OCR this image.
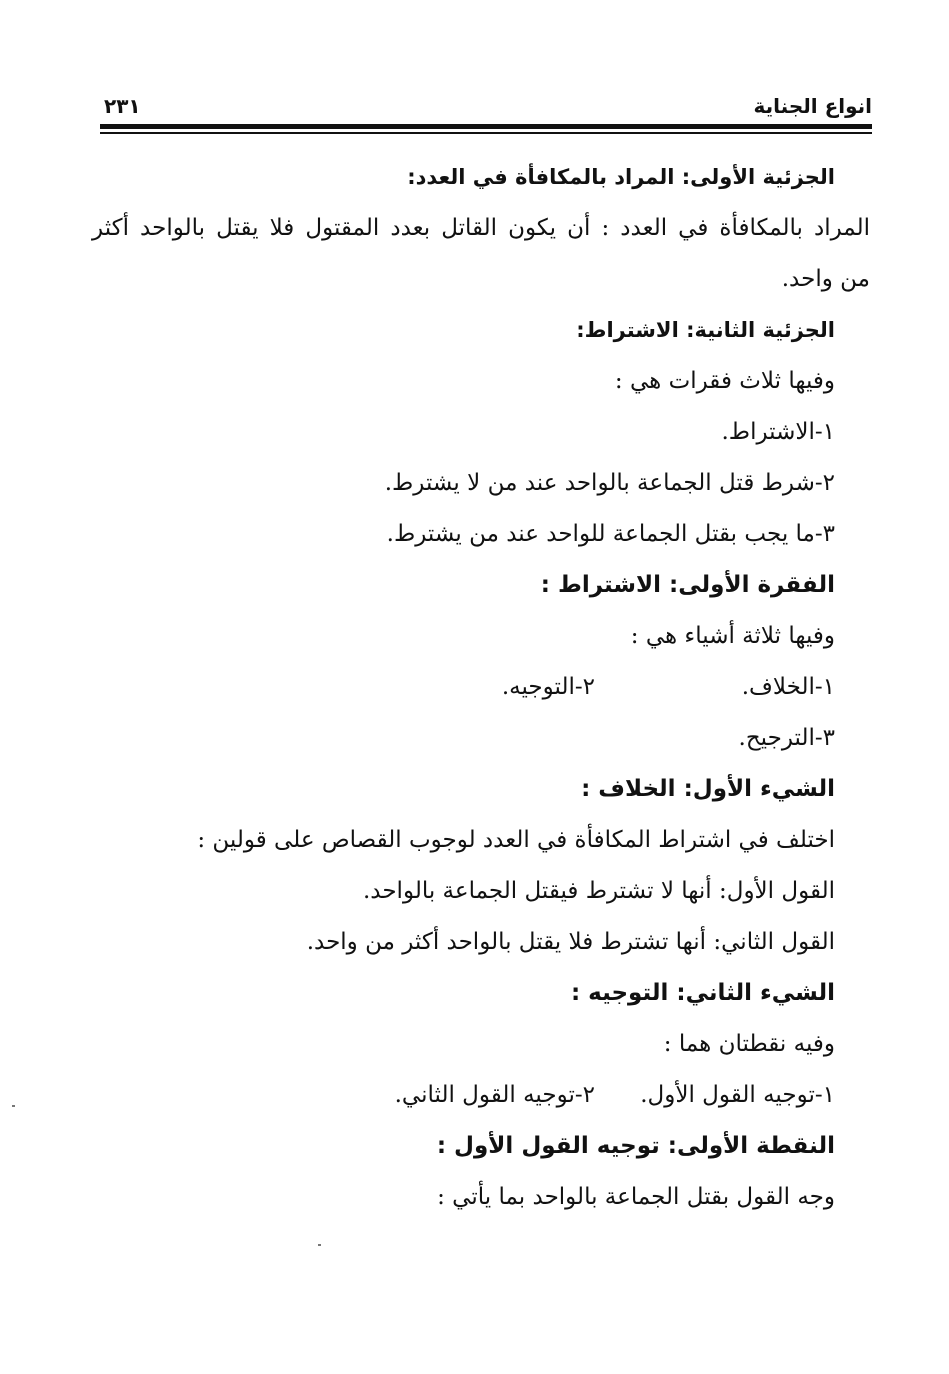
انواع الجناية
٢٣١
الجزئية الأولى: المراد بالمكافأة في العدد:
المراد بالمكافأة في العدد : أن يكون القاتل بعدد المقتول فلا يقتل بالواحد أكثر
من واحد.
الجزئية الثانية: الاشتراط:
وفيها ثلاث فقرات هي :
١-الاشتراط.
٢-شرط قتل الجماعة بالواحد عند من لا يشترط.
٣-ما يجب بقتل الجماعة للواحد عند من يشترط.
الفقرة الأولى: الاشتراط :
وفيها ثلاثة أشياء هي :
١-الخلاف.
٢-التوجيه.
٣-الترجيح.
الشيء الأول: الخلاف :
اختلف في اشتراط المكافأة في العدد لوجوب القصاص على قولين :
القول الأول: أنها لا تشترط فيقتل الجماعة بالواحد.
القول الثاني: أنها تشترط فلا يقتل بالواحد أكثر من واحد.
الشيء الثاني: التوجيه :
وفيه نقطتان هما :
١-توجيه القول الأول.
٢-توجيه القول الثاني.
النقطة الأولى: توجيه القول الأول :
وجه القول بقتل الجماعة بالواحد بما يأتي :
